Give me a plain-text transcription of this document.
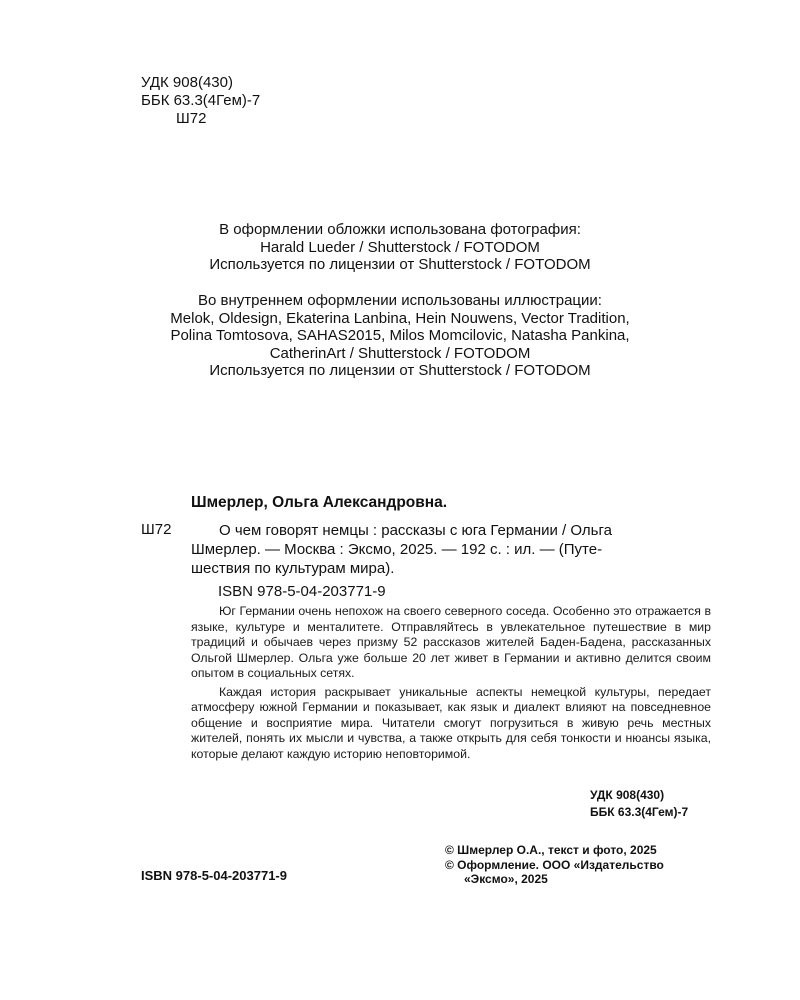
УДК 908(430)
ББК 63.3(4Гем)-7
Ш72
В оформлении обложки использована фотография:
Harald Lueder / Shutterstock / FOTODOM
Используется по лицензии от Shutterstock / FOTODOM
Во внутреннем оформлении использованы иллюстрации:
Melok, Oldesign, Ekaterina Lanbina, Hein Nouwens, Vector Tradition,
Polina Tomtosova, SAHAS2015, Milos Momcilovic, Natasha Pankina,
CatherinArt / Shutterstock / FOTODOM
Используется по лицензии от Shutterstock / FOTODOM
Шмерлер, Ольга Александровна.
Ш72	О чем говорят немцы : рассказы с юга Германии / Ольга
Шмерлер. — Москва : Эксмо, 2025. — 192 с. : ил. — (Путе-
шествия по культурам мира).
ISBN 978-5-04-203771-9

Юг Германии очень непохож на своего северного соседа. Особенно это отражается в языке, культуре и менталитете. Отправляйтесь в увлекательное путешествие в мир традиций и обычаев через призму 52 рассказов жителей Баден-Бадена, рассказанных Ольгой Шмерлер. Ольга уже больше 20 лет живет в Германии и активно делится своим опытом в социальных сетях.

Каждая история раскрывает уникальные аспекты немецкой культуры, передает атмосферу южной Германии и показывает, как язык и диалект влияют на повседневное общение и восприятие мира. Читатели смогут погрузиться в живую речь местных жителей, понять их мысли и чувства, а также открыть для себя тонкости и нюансы языка, которые делают каждую историю неповторимой.

УДК 908(430)
ББК 63.3(4Гем)-7
© Шмерлер О.А., текст и фото, 2025
© Оформление. ООО «Издательство
«Эксмо», 2025
ISBN 978-5-04-203771-9
